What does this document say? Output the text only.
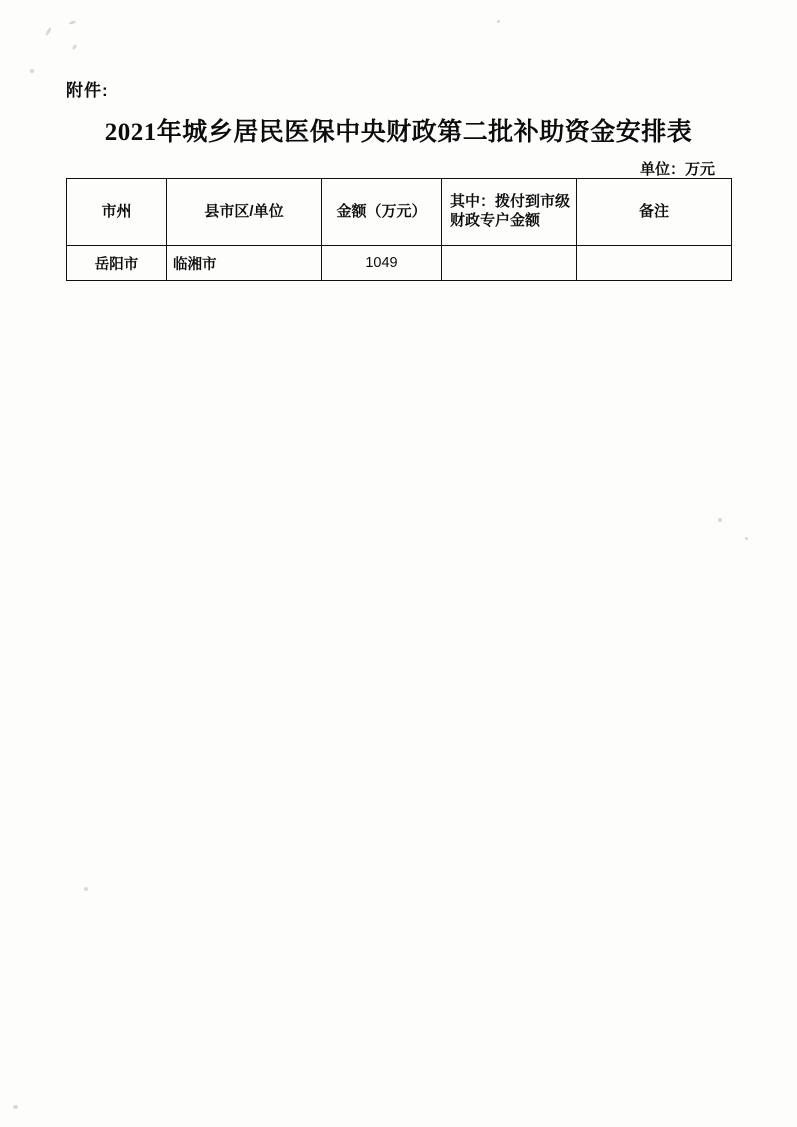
附件:
2021年城乡居民医保中央财政第二批补助资金安排表
单位：万元
市州	县市区/单位	金额（万元）	其中：拨付到市级财政专户金额	备注
岳阳市	临湘市	1049		
